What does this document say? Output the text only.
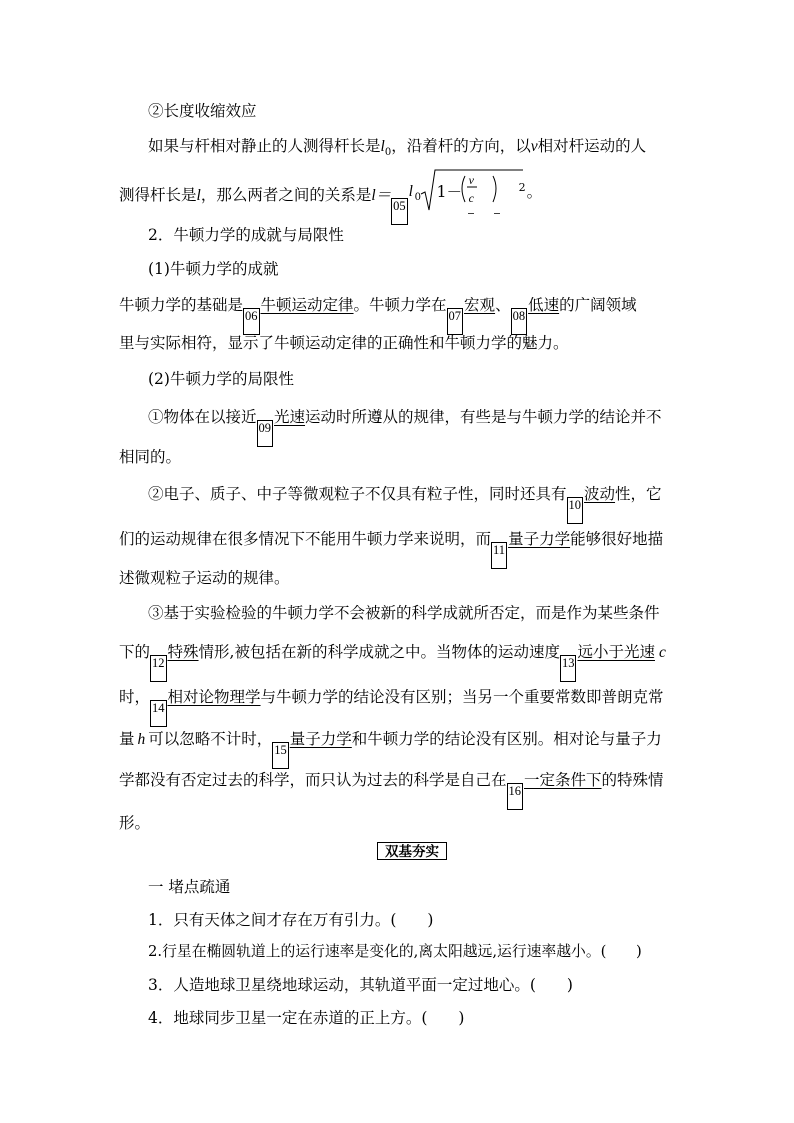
②长度收缩效应
如果与杆相对静止的人测得杆长是$l_0$，沿着杆的方向，以v相对杆运动的人
测得杆长是l，那么两者之间的关系是l＝05
l 0 1－
v
c
2 。
2．牛顿力学的成就与局限性
(1)牛顿力学的成就
牛顿力学的基础是06牛顿运动定律。牛顿力学在07宏观、08低速的广阔领域
里与实际相符，显示了牛顿运动定律的正确性和牛顿力学的魅力。
(2)牛顿力学的局限性
①物体在以接近09光速运动时所遵从的规律，有些是与牛顿力学的结论并不
相同的。
②电子、质子、中子等微观粒子不仅具有粒子性，同时还具有10波动性，它
们的运动规律在很多情况下不能用牛顿力学来说明，而11量子力学能够很好地描
述微观粒子运动的规律。
③基于实验检验的牛顿力学不会被新的科学成就所否定，而是作为某些条件
下的12特殊情形,被包括在新的科学成就之中。当物体的运动速度13远小于光速 c
时，14相对论物理学与牛顿力学的结论没有区别；当另一个重要常数即普朗克常
量 h 可以忽略不计时，15量子力学和牛顿力学的结论没有区别。相对论与量子力
学都没有否定过去的科学，而只认为过去的科学是自己在16一定条件下的特殊情
形。
双基夯实
一 堵点疏通
1．只有天体之间才存在万有引力。(　　)
2.行星在椭圆轨道上的运行速率是变化的,离太阳越远,运行速率越小。(　　)
3．人造地球卫星绕地球运动，其轨道平面一定过地心。(　　)
4．地球同步卫星一定在赤道的正上方。(　　)
